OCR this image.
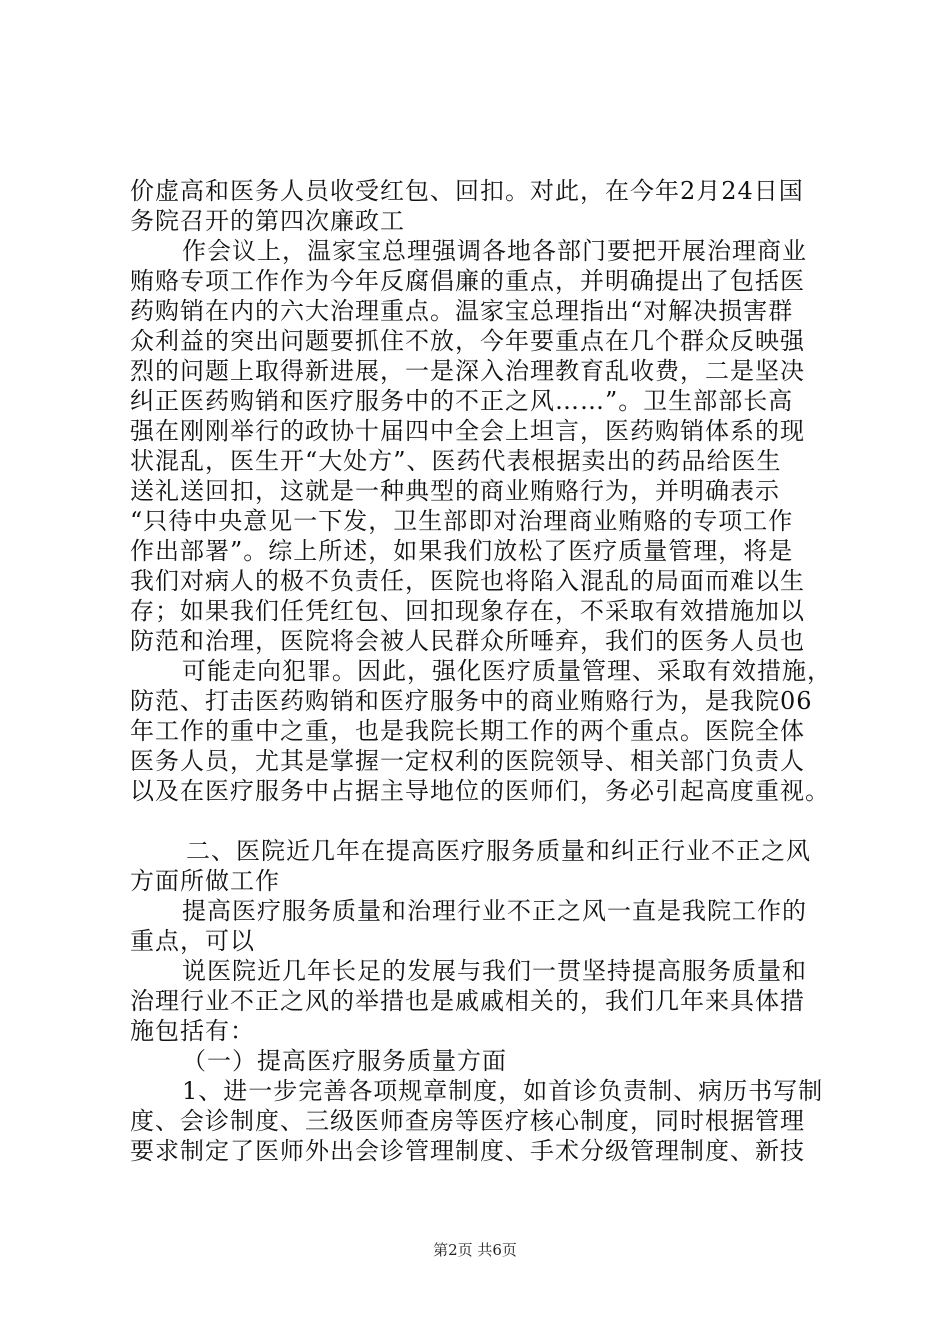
价虚高和医务人员收受红包、回扣。对此，在今年2月24日国
务院召开的第四次廉政工
作会议上，温家宝总理强调各地各部门要把开展治理商业
贿赂专项工作作为今年反腐倡廉的重点，并明确提出了包括医
药购销在内的六大治理重点。温家宝总理指出“对解决损害群
众利益的突出问题要抓住不放，今年要重点在几个群众反映强
烈的问题上取得新进展，一是深入治理教育乱收费，二是坚决
纠正医药购销和医疗服务中的不正之风……”。卫生部部长高
强在刚刚举行的政协十届四中全会上坦言，医药购销体系的现
状混乱，医生开“大处方”、医药代表根据卖出的药品给医生
送礼送回扣，这就是一种典型的商业贿赂行为，并明确表示
“只待中央意见一下发，卫生部即对治理商业贿赂的专项工作
作出部署”。综上所述，如果我们放松了医疗质量管理，将是
我们对病人的极不负责任，医院也将陷入混乱的局面而难以生
存；如果我们任凭红包、回扣现象存在，不采取有效措施加以
防范和治理，医院将会被人民群众所唾弃，我们的医务人员也
可能走向犯罪。因此，强化医疗质量管理、采取有效措施，
防范、打击医药购销和医疗服务中的商业贿赂行为，是我院06
年工作的重中之重，也是我院长期工作的两个重点。医院全体
医务人员，尤其是掌握一定权利的医院领导、相关部门负责人
以及在医疗服务中占据主导地位的医师们，务必引起高度重视。
二、医院近几年在提高医疗服务质量和纠正行业不正之风
方面所做工作
提高医疗服务质量和治理行业不正之风一直是我院工作的
重点，可以
说医院近几年长足的发展与我们一贯坚持提高服务质量和
治理行业不正之风的举措也是戚戚相关的，我们几年来具体措
施包括有：
（一）提高医疗服务质量方面
1、进一步完善各项规章制度，如首诊负责制、病历书写制
度、会诊制度、三级医师查房等医疗核心制度，同时根据管理
要求制定了医师外出会诊管理制度、手术分级管理制度、新技
第2页 共6页
